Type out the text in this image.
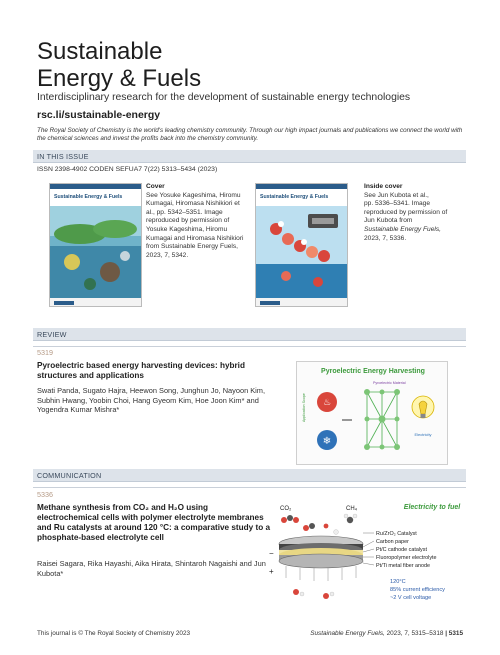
Sustainable
Energy & Fuels
Interdisciplinary research for the development of sustainable energy technologies
rsc.li/sustainable-energy
The Royal Society of Chemistry is the world's leading chemistry community. Through our high impact journals and publications we connect the world with the chemical sciences and invest the profits back into the chemistry community.
IN THIS ISSUE
ISSN 2398-4902 CODEN SEFUA7 7(22) 5313–5434 (2023)
Sustainable Energy & Fuels
Cover
See Yosuke Kageshima, Hiromu Kumagai, Hiromasa Nishikiori et al., pp. 5342–5351. Image reproduced by permission of Yosuke Kageshima, Hiromu Kumagai and Hiromasa Nishikiori from Sustainable Energy Fuels, 2023, 7, 5342.
Sustainable Energy & Fuels
Inside cover
See Jun Kubota et al.,
pp. 5336–5341. Image
reproduced by permission of
Jun Kubota from
Sustainable Energy Fuels,
2023, 7, 5336.
REVIEW
5319
Pyroelectric based energy harvesting devices: hybrid structures and applications
Swati Panda, Sugato Hajra, Heewon Song, Junghun Jo, Nayoon Kim, Subhin Hwang, Yoobin Choi, Hang Gyeom Kim, Hoe Joon Kim* and Yogendra Kumar Mishra*
Pyroelectric Energy Harvesting
Application Scope ♨
❄
Pyroelectric Material
Electricity
COMMUNICATION
5336
Methane synthesis from CO₂ and H₂O using electrochemical cells with polymer electrolyte membranes and Ru catalysts at around 120 °C: a comparative study to a phosphate-based electrolyte cell
Raisei Sagara, Rika Hayashi, Aika Hirata, Shintaroh Nagaishi and Jun Kubota*
Electricity to fuel
CO₂	CH₄
−
+
Ru/ZrO₂ Catalyst
Carbon paper
Pt/C cathode catalyst
Fluoropolymer electrolyte
Pt/Ti metal fiber anode
120°C
85% current efficiency
~2 V cell voltage
This journal is © The Royal Society of Chemistry 2023	Sustainable Energy Fuels, 2023, 7, 5315–5318 | 5315
